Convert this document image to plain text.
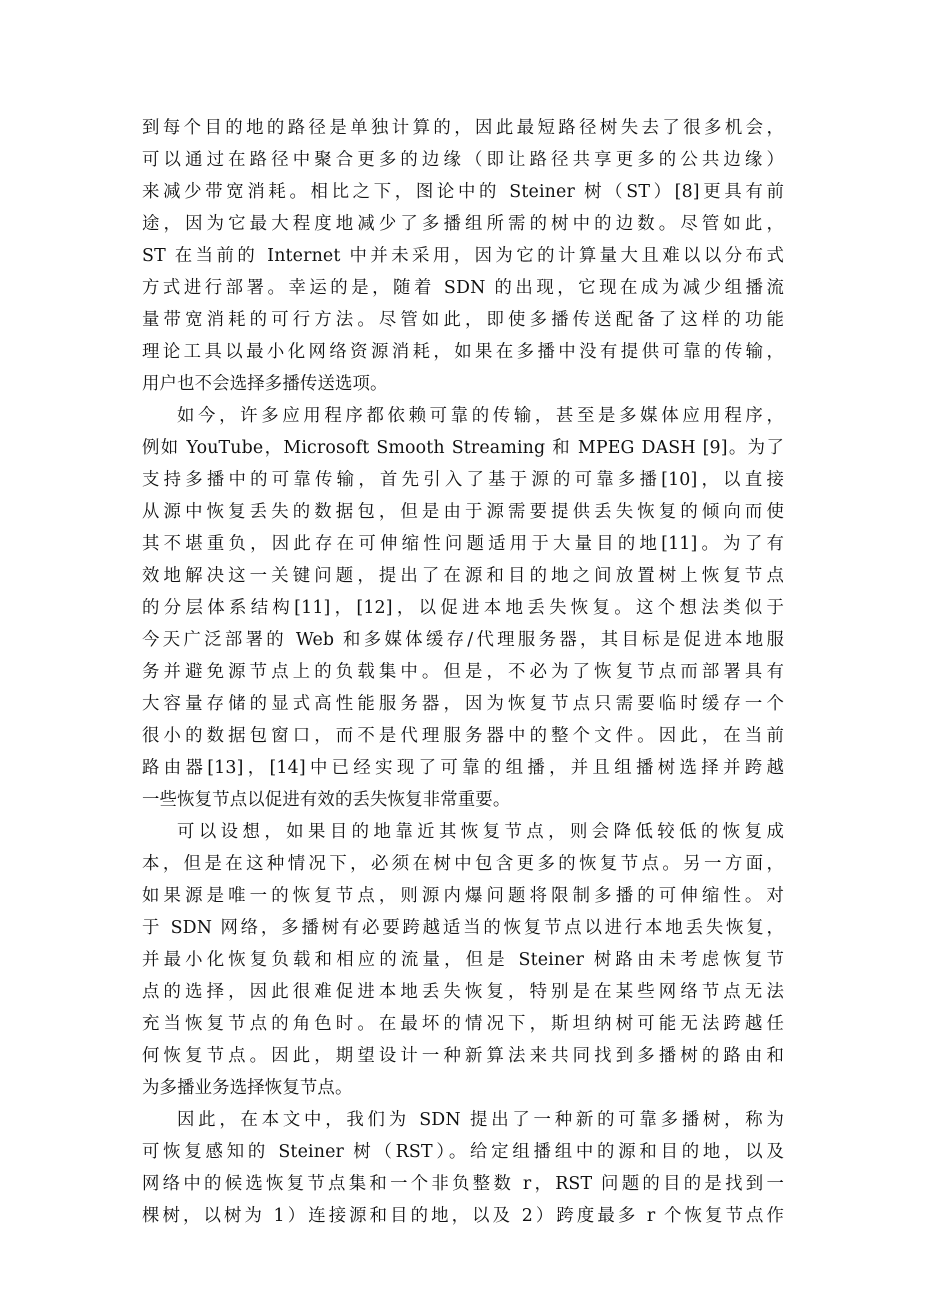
到每个目的地的路径是单独计算的，因此最短路径树失去了很多机会，
可以通过在路径中聚合更多的边缘（即让路径共享更多的公共边缘）
来减少带宽消耗。相比之下，图论中的 Steiner 树（ST）[8]更具有前
途，因为它最大程度地减少了多播组所需的树中的边数。尽管如此，
ST 在当前的 Internet 中并未采用，因为它的计算量大且难以以分布式
方式进行部署。幸运的是，随着 SDN 的出现，它现在成为减少组播流
量带宽消耗的可行方法。尽管如此，即使多播传送配备了这样的功能
理论工具以最小化网络资源消耗，如果在多播中没有提供可靠的传输，
用户也不会选择多播传送选项。
如今，许多应用程序都依赖可靠的传输，甚至是多媒体应用程序，
例如 YouTube，Microsoft Smooth Streaming 和 MPEG DASH [9]。为了
支持多播中的可靠传输，首先引入了基于源的可靠多播[10]，以直接
从源中恢复丢失的数据包，但是由于源需要提供丢失恢复的倾向而使
其不堪重负，因此存在可伸缩性问题适用于大量目的地[11]。为了有
效地解决这一关键问题，提出了在源和目的地之间放置树上恢复节点
的分层体系结构[11]，[12]，以促进本地丢失恢复。这个想法类似于
今天广泛部署的 Web 和多媒体缓存/代理服务器，其目标是促进本地服
务并避免源节点上的负载集中。但是，不必为了恢复节点而部署具有
大容量存储的显式高性能服务器，因为恢复节点只需要临时缓存一个
很小的数据包窗口，而不是代理服务器中的整个文件。因此，在当前
路由器[13]，[14]中已经实现了可靠的组播，并且组播树选择并跨越
一些恢复节点以促进有效的丢失恢复非常重要。
可以设想，如果目的地靠近其恢复节点，则会降低较低的恢复成
本，但是在这种情况下，必须在树中包含更多的恢复节点。另一方面，
如果源是唯一的恢复节点，则源内爆问题将限制多播的可伸缩性。对
于 SDN 网络，多播树有必要跨越适当的恢复节点以进行本地丢失恢复，
并最小化恢复负载和相应的流量，但是 Steiner 树路由未考虑恢复节
点的选择，因此很难促进本地丢失恢复，特别是在某些网络节点无法
充当恢复节点的角色时。在最坏的情况下，斯坦纳树可能无法跨越任
何恢复节点。因此，期望设计一种新算法来共同找到多播树的路由和
为多播业务选择恢复节点。
因此，在本文中，我们为 SDN 提出了一种新的可靠多播树，称为
可恢复感知的 Steiner 树（RST）。给定组播组中的源和目的地，以及
网络中的候选恢复节点集和一个非负整数 r，RST 问题的目的是找到一
棵树，以树为 1）连接源和目的地，以及 2）跨度最多 r 个恢复节点作
